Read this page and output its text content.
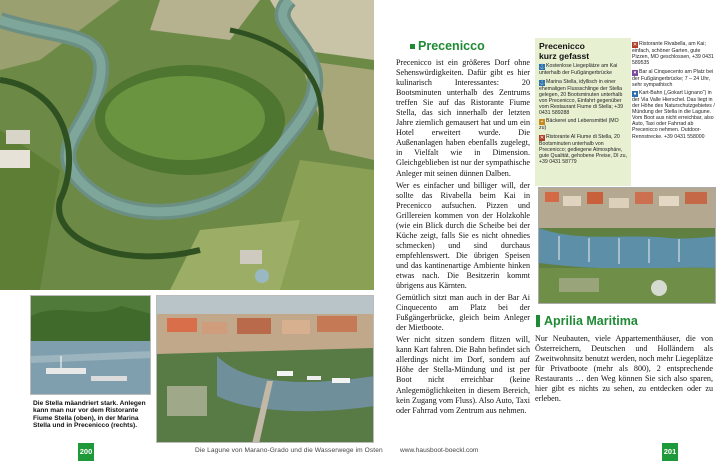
Die Stella mäandriert stark. Anlegen kann man nur vor dem Ristorante Fiume Stella (oben), in der Marina Stella und in Precenicco (rechts).
200	Die Lagune von Marano-Grado und die Wasserwege im Osten	www.hausboot-boeckl.com	201
Precenicco

Precenicco ist ein größeres Dorf ohne Sehenswürdigkeiten. Dafür gibt es hier kulinarisch Interessantes: 20 Bootsminuten unterhalb des Zentrums treffen Sie auf das Ristorante Fiume Stella, das sich innerhalb der letzten Jahre ziemlich gemausert hat und um ein Hotel erweitert wurde. Die Außenanlagen haben ebenfalls zugelegt, in Vielfalt wie in Dimension. Gleichgeblieben ist nur der sympathische Anleger mit seinen dünnen Dalben.

Wer es einfacher und billiger will, der sollte das Rivabella beim Kai in Precenicco aufsuchen. Pizzen und Grillereien kommen von der Holzkohle (wie ein Blick durch die Scheibe bei der Küche zeigt, falls Sie es nicht ohnedies schmecken) und sind durchaus empfehlenswert. Die übrigen Speisen und das kantinenartige Ambiente hinken etwas nach. Die Besitzerin kommt übrigens aus Kärnten.

Gemütlich sitzt man auch in der Bar Ai Cinquecento am Platz bei der Fußgängerbrücke, gleich beim Anleger der Mietboote.

Wer nicht sitzen sondern flitzen will, kann Kart fahren. Die Bahn befindet sich allerdings nicht im Dorf, sondern auf Höhe der Stella-Mündung und ist per Boot nicht erreichbar (keine Anlegemöglichkeiten in diesem Bereich, kein Zugang vom Fluss). Also Auto, Taxi oder Fahrrad vom Zentrum aus nehmen.

Precenicco
kurz gefasst
⚓Kostenlose Liegeplätze am Kai unterhalb der Fußgängerbrücke
⚓Marina Stella, idyllisch in einer ehemaligen Flussschlinge der Stella gelegen, 20 Bootsminuten unterhalb von Precenicco, Einfahrt gegenüber vom Restaurant Fiume di Stella; +39 0431 589288
▪ Bäckerei und Lebensmittel (MO zu)
✕ Ristorante Al Fiume di Stella, 20 Bootsminuten unterhalb von Precenicco; gediegene Atmosphäre, gute Qualität, gehobene Preise, DI zu, +39 0431 58779
✕ Ristorante Rivabella, am Kai; einfach, schöner Garten, gute Pizzen, MO geschlossen, +39 0431 589535
▾ Bar al Cinquecento am Platz bei der Fußgängerbrücke; 7 – 24 Uhr, sehr sympathisch
● Kart-Bahn („Gokart Lignano“) in der Via Valle Hierschel. Das liegt in der Höhe des Naturschutzgebietes / Mündung der Stella in die Lagune. Vom Boot aus nicht erreichbar, also Auto, Taxi oder Fahrrad ab Precenicco nehmen. Outdoor-Rennstrecke. +39 0431 558000
Aprilia Maritima

Nur Neubauten, viele Appartementhäuser, die von Österreichern, Deutschen und Holländern als Zweitwohnsitz benutzt werden, noch mehr Liegeplätze für Privatboote (mehr als 800), 2 entsprechende Restaurants … den Weg können Sie sich also sparen, hier gibt es nichts zu sehen, zu entdecken oder zu erleben.
